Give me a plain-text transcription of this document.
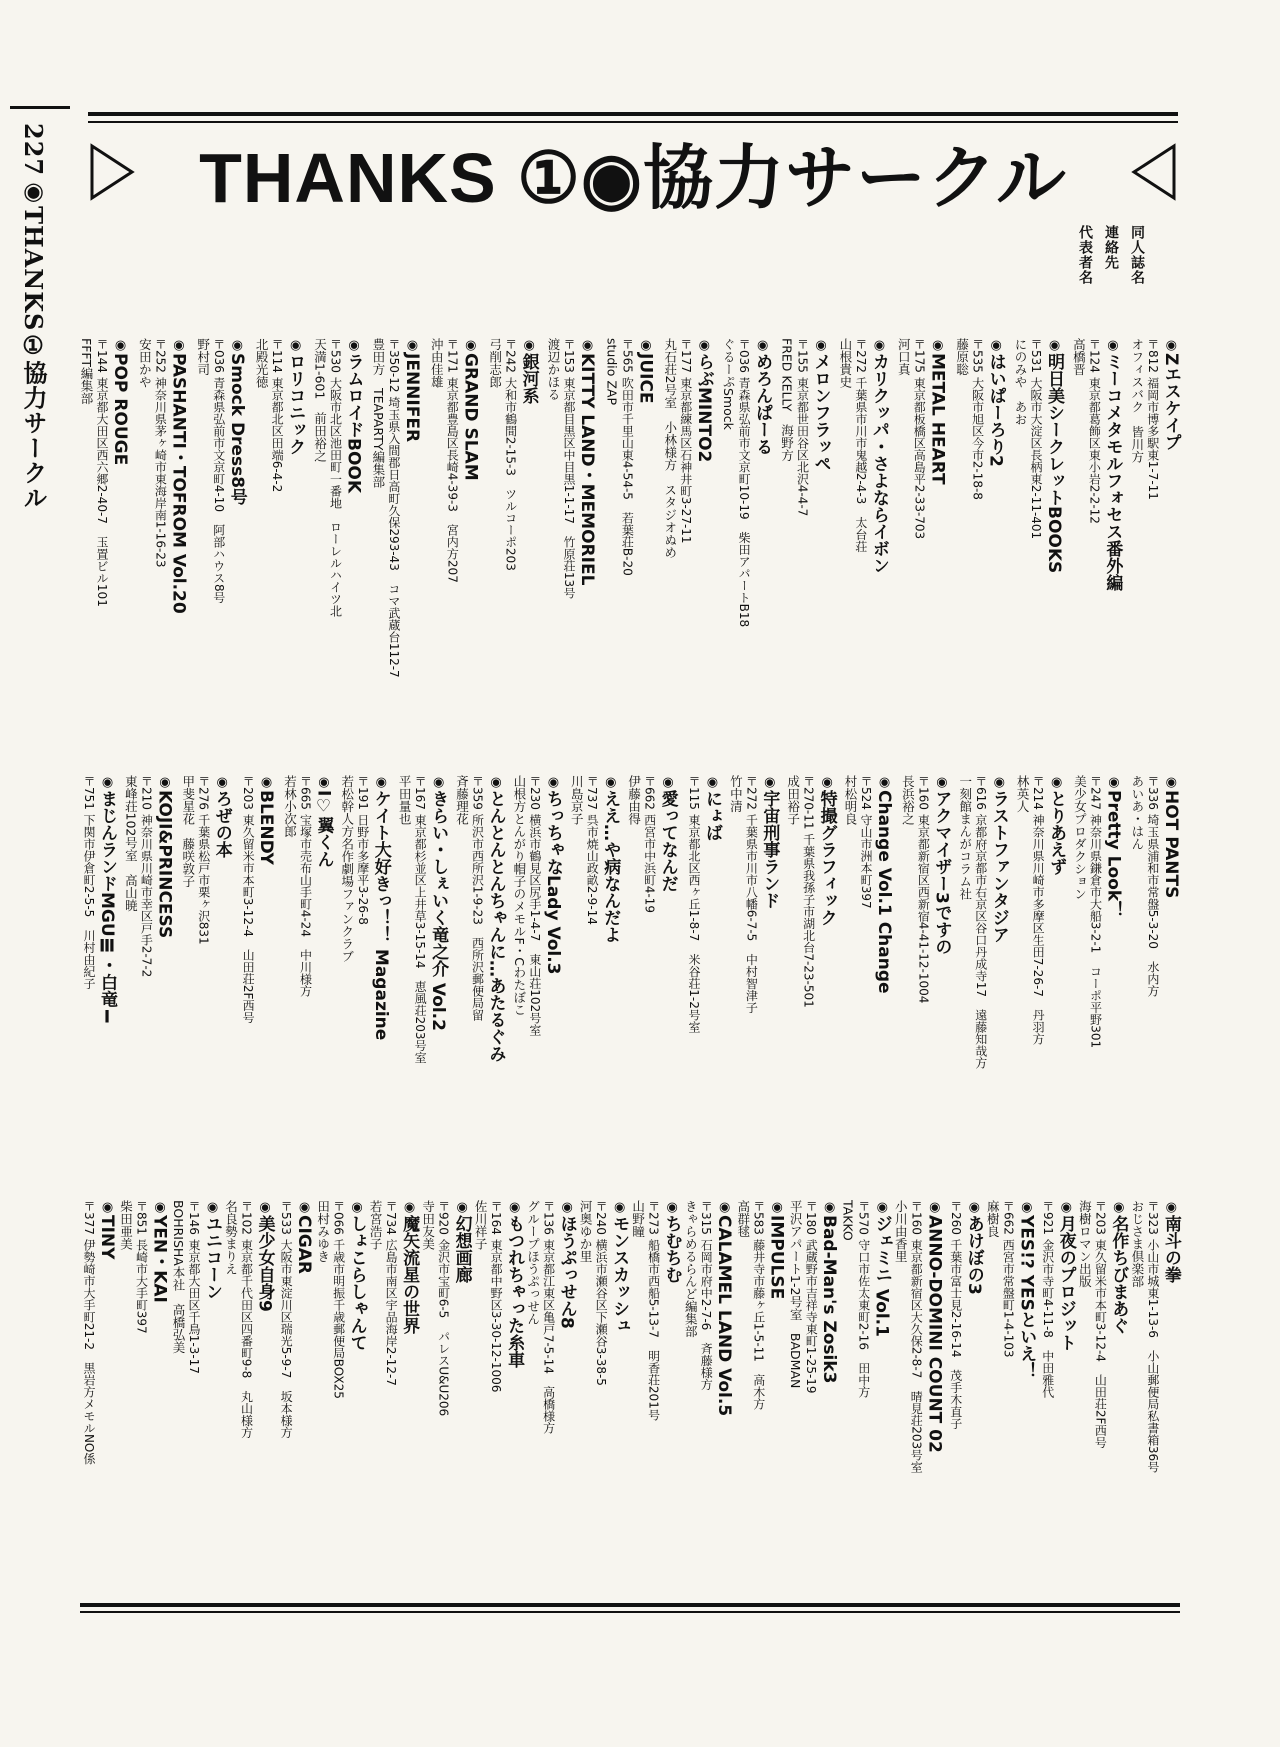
227◉THANKS①協力サークル	THANKS ①◉協力サークル
同人誌名
連絡先
代表者名
◉Zエスケイプ
〒812 福岡市博多駅東1-7-11
オフィスバク　皆川方
◉ミーコメタモルフォセス番外編
〒124 東京都葛飾区東小岩2-2-12
高橋晋
◉明日美シークレットBOOKS
〒531 大阪市大淀区長柄東2-11-401
にのみや　あお
◉はいぱーろり2
〒535 大阪市旭区今市2-18-8
藤原聡
◉METAL HEART
〒175 東京都板橋区高島平2-33-703
河口真
◉カリクッパ・さよならイボン
〒272 千葉県市川市鬼越2-4-3　太台荘
山根貴史
◉メロンフラッペ
〒155 東京都世田谷区北沢4-4-7
FRED KELLY　海野方
◉めろんぱーる
〒036 青森県弘前市文京町10-19　柴田アパートB18
ぐるーぷSmock
◉らぶMINTO2
〒177 東京都練馬区石神井町3-27-11
丸石荘2号室　小林様方　スタジオぬめ
◉JUICE
〒565 吹田市千里山東4-54-5　若葉荘B-20
studio ZAP
◉KITTY LAND・MEMORIEL
〒153 東京都目黒区中目黒1-1-17　竹原荘13号
渡辺かほる
◉銀河系
〒242 大和市鶴間2-15-3　ツルコーポ203
弓削志郎
◉GRAND SLAM
〒171 東京都豊島区長崎4-39-3　宮内方207
沖由佳雄
◉JENNIFER
〒350-12 埼玉県入間郡日高町久保293-43　コマ武蔵台112-7
豊田方　TEAPARTY編集部
◉ラムロイドBOOK
〒530 大阪市北区池田町一番地　ローレルハイツ北
天満1-601　前田裕之
◉ロリコニック
〒114 東京都北区田端6-4-2
北殿光徳
◉Smock Dress8号
〒036 青森県弘前市文京町4-10　阿部ハウス8号
野村司
◉PASHANTI・TOFROM Vol.20
〒252 神奈川県茅ヶ崎市東海岸南1-16-23
安田かや
◉POP ROUGE
〒144 東京都大田区西六郷2-40-7　玉置ビル101
FFFT編集部
◉HOT PANTS
〒336 埼玉県浦和市常盤5-3-20　水内方
あいあ・はん
◉Pretty Look！
〒247 神奈川県鎌倉市大船3-2-1　コーポ平野301
美少女プロダクション
◉とりあえず
〒214 神奈川県川崎市多摩区生田7-26-7　丹羽方
林英人
◉ラストファンタジア
〒616 京都府京都市右京区谷口丹成寺17　遠藤知哉方
一刻館まんがコラム社
◉アクマイザー3ですの
〒160 東京都新宿区西新宿4-41-12-1004
長浜裕之
◉Change Vol.1 Change
〒524 守山市洲本町397
村松明良
◉特撮グラフィック
〒270-11 千葉県我孫子市湖北台7-23-501
成田裕子
◉宇宙刑事ランド
〒272 千葉県市川市八幡6-7-5　中村智津子
竹中清
◉にょば
〒115 東京都北区西ヶ丘1-8-7　米谷荘1-2号室
◉愛ってなんだ
〒662 西宮市中浜町4-19
伊藤由得
◉ええ…や病なんだよ
〒737 呉市焼山政畝2-9-14
川島京子
◉ちっちゃなLady Vol.3
〒230 横浜市鶴見区尻手1-4-7　東山荘102号室
山根方とんがり帽子のメモルF・Cわたぼこ
◉とんとんとんちゃんに…あたるぐみ
〒359 所沢市西所沢1-9-23　西所沢郵便局留
斉藤理花
◉きらい・しぇいく竜之介 Vol.2
〒167 東京都杉並区上井草3-15-14　恵風荘203号室
平田量也
◉ケイト大好きっ！！ Magazine
〒191 日野市多摩平3-26-8
若松幹人方名作劇場ファンクラブ
◉I♡翼くん
〒665 宝塚市売布山手町4-24　中川様方
若林小次郎
◉BLENDY
〒203 東久留米市本町3-12-4　山田荘2F西号
◉ろぜの本
〒276 千葉県松戸市栗ヶ沢831
甲斐星花　藤咲敦子
◉KOJI&PRINCESS
〒210 神奈川県川崎市幸区戸手2-7-2
東峰荘102号室　高山暁
◉まじんランドMGUⅢ・白竜Ⅰ
〒751 下関市伊倉町2-5-5　川村由紀子
◉南斗の拳
〒323 小山市城東1-13-6　小山郵便局私書箱36号
おじさま倶楽部
◉名作ちびまあぐ
〒203 東久留米市本町3-12-4　山田荘2F西号
海樹ロマン出版
◉月夜のプロジット
〒921 金沢市寺町4-11-8　中田雅代
◉YES!? YESといえ！
〒662 西宮市常盤町1-4-103
麻樹良
◉あけぼの3
〒260 千葉市富士見2-16-14　茂手木直子
◉ANNO-DOMINI COUNT 02
〒160 東京都新宿区大久保2-8-7　晴見荘203号室
小川由香里
◉ジェミニ Vol.1
〒570 守口市佐太東町2-16　田中方
TAKKO
◉Bad-Man's Zosik3
〒180 武蔵野市吉祥寺東町1-25-19
平沢アパート1-2号室　BADMAN
◉IMPULSE
〒583 藤井寺市藤ヶ丘1-5-11　高木方
高群毬
◉CALAMEL LAND Vol.5
〒315 石岡市府中2-7-6　斉藤様方
きゃらめるらんど編集部
◉ちむちむ
〒273 船橋市西船5-13-7　明香荘201号
山野瞳
◉モンスカッシュ
〒240 横浜市瀬谷区下瀬谷3-38-5
河奥ゆか里
◉ほうぷっせん8
〒136 東京都江東区亀戸7-5-14　高橋様方
グループほうぷっせん
◉もつれちゃった糸車
〒164 東京都中野区3-30-12-1006
佐川祥子
◉幻想画廊
〒920 金沢市宝町6-5　パレスU&U206
寺田友美
◉魔矢流星の世界
〒734 広島市南区宇品海岸2-12-7
若宮浩子
◉しょこらしゃんて
〒066 千歳市明振千歳郵便局BOX25
田村みゆき
◉CIGAR
〒533 大阪市東淀川区瑞光5-9-7　坂本様方
◉美少女自身9
〒102 東京都千代田区四番町9-8　丸山様方
名良勢まりえ
◉ユニコーン
〒146 東京都大田区千鳥1-3-17
BOHRISHA本社　高橋弘美
◉YEN・KAI
〒851 長崎市大手町397
柴田亜美
◉TINY
〒377 伊勢崎市大手町21-2　黒岩方メモルNO係
